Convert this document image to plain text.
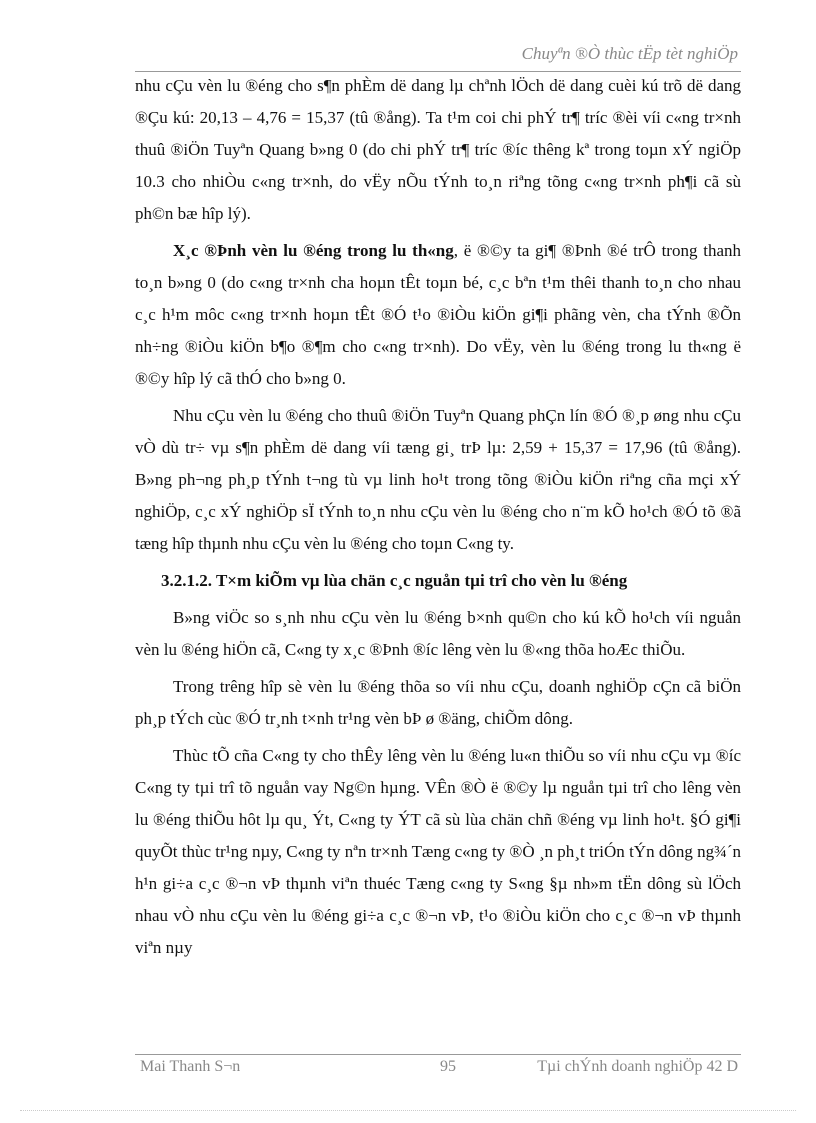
Chuyªn ®Ò thùc tËp tèt nghiÖp

nhu cÇu vèn lu ®éng cho s¶n phÈm dë dang lµ chªnh lÖch dë dang cuèi kú trõ dë dang ®Çu kú: 20,13 – 4,76 = 15,37 (tû ®ång). Ta t¹m coi chi phÝ tr¶ tríc ®èi víi c«ng tr×nh thuû ®iÖn Tuyªn Quang b»ng 0 (do chi phÝ tr¶ tríc ®íc thêng kª trong toµn xÝ ngiÖp 10.3 cho nhiÒu c«ng tr×nh, do vËy nÕu tÝnh to¸n riªng tõng c«ng tr×nh ph¶i cã sù ph©n bæ hîp lý).

X¸c ®Þnh vèn lu ®éng trong lu th«ng, ë ®©y ta gi¶ ®Þnh ®é trÔ trong thanh to¸n b»ng 0 (do c«ng tr×nh cha hoµn tÊt toµn bé, c¸c bªn t¹m thêi thanh to¸n cho nhau c¸c h¹m môc c«ng tr×nh hoµn tÊt ®Ó t¹o ®iÒu kiÖn gi¶i phãng vèn, cha tÝnh ®Õn nh÷ng ®iÒu kiÖn b¶o ®¶m cho c«ng tr×nh). Do vËy, vèn lu ®éng trong lu th«ng ë ®©y hîp lý cã thÓ cho b»ng 0.

Nhu cÇu vèn lu ®éng cho thuû ®iÖn Tuyªn Quang phÇn lín ®Ó ®¸p øng nhu cÇu vÒ dù tr÷ vµ s¶n phÈm dë dang víi tæng gi¸ trÞ lµ: 2,59 + 15,37 = 17,96 (tû ®ång). B»ng ph¬ng ph¸p tÝnh t¬ng tù vµ linh ho¹t trong tõng ®iÒu kiÖn riªng cña mçi xÝ nghiÖp, c¸c xÝ nghiÖp sÏ tÝnh to¸n nhu cÇu vèn lu ®éng cho n¨m kÕ ho¹ch ®Ó tõ ®ã tæng hîp thµnh nhu cÇu vèn lu ®éng cho toµn C«ng ty.

3.2.1.2. T×m kiÕm vµ lùa chän c¸c nguån tµi trî cho vèn lu ®éng

B»ng viÖc so s¸nh nhu cÇu vèn lu ®éng b×nh qu©n cho kú kÕ ho¹ch víi nguån vèn lu ®éng hiÖn cã, C«ng ty x¸c ®Þnh ®íc lêng vèn lu ®«ng thõa hoÆc thiÕu.

Trong trêng hîp sè vèn lu ®éng thõa so víi nhu cÇu, doanh nghiÖp cÇn cã biÖn ph¸p tÝch cùc ®Ó tr¸nh t×nh tr¹ng vèn bÞ ø ®äng, chiÕm dông.

Thùc tÕ cña C«ng ty cho thÊy lêng vèn lu ®éng lu«n thiÕu so víi nhu cÇu vµ ®íc C«ng ty tµi trî tõ nguån vay Ng©n hµng. VÊn ®Ò ë ®©y lµ nguån tµi trî cho lêng vèn lu ®éng thiÕu hôt lµ qu¸ Ýt, C«ng ty ÝT cã sù lùa chän chñ ®éng vµ linh ho¹t. §Ó gi¶i quyÕt thùc tr¹ng nµy, C«ng ty nªn tr×nh Tæng c«ng ty ®Ò ¸n ph¸t triÓn tÝn dông ng¾´n h¹n gi÷a c¸c ®¬n vÞ thµnh viªn thuéc Tæng c«ng ty S«ng §µ nh»m tËn dông sù lÖch nhau vÒ nhu cÇu vèn lu ®éng gi÷a c¸c ®¬n vÞ, t¹o ®iÒu kiÖn cho c¸c ®¬n vÞ thµnh viªn nµy

Mai Thanh S¬n	95	Tµi chÝnh doanh nghiÖp 42 D
